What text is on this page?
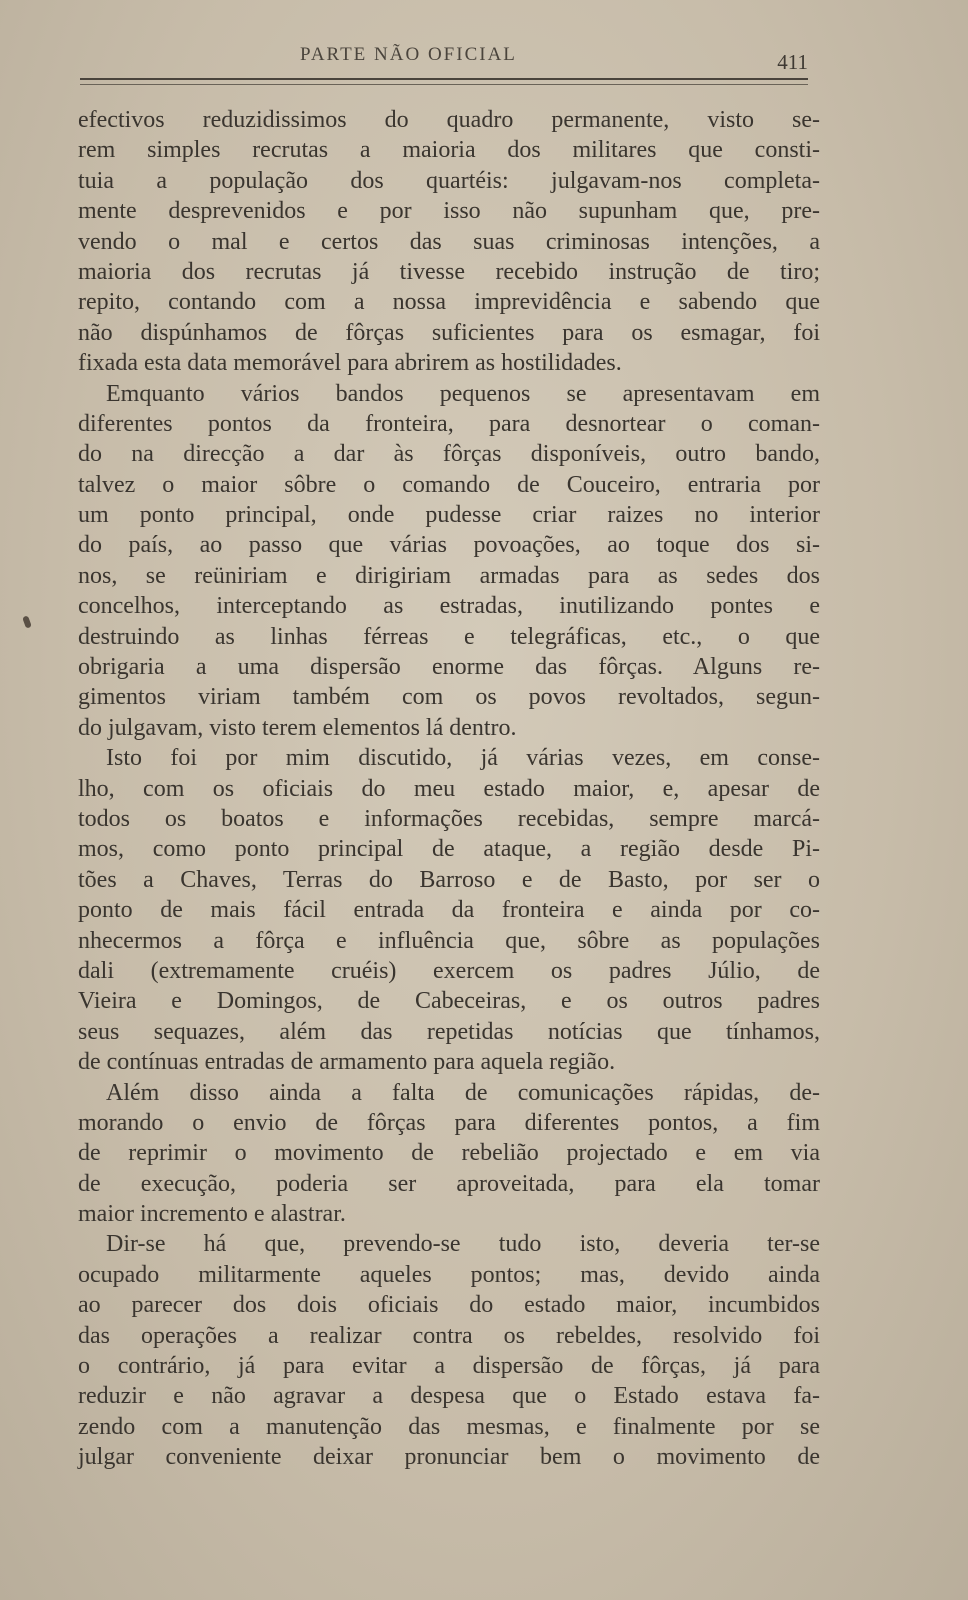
PARTE NÃO OFICIAL	411
efectivos reduzidissimos do quadro permanente, visto se-
rem simples recrutas a maioria dos militares que consti-
tuia a população dos quartéis: julgavam-nos completa-
mente desprevenidos e por isso não supunham que, pre-
vendo o mal e certos das suas criminosas intenções, a
maioria dos recrutas já tivesse recebido instrução de tiro;
repito, contando com a nossa imprevidência e sabendo que
não dispúnhamos de fôrças suficientes para os esmagar, foi
fixada esta data memorável para abrirem as hostilidades.
Emquanto vários bandos pequenos se apresentavam em
diferentes pontos da fronteira, para desnortear o coman-
do na direcção a dar às fôrças disponíveis, outro bando,
talvez o maior sôbre o comando de Couceiro, entraria por
um ponto principal, onde pudesse criar raizes no interior
do país, ao passo que várias povoações, ao toque dos si-
nos, se reüniriam e dirigiriam armadas para as sedes dos
concelhos, interceptando as estradas, inutilizando pontes e
destruindo as linhas férreas e telegráficas, etc., o que
obrigaria a uma dispersão enorme das fôrças. Alguns re-
gimentos viriam também com os povos revoltados, segun-
do julgavam, visto terem elementos lá dentro.
Isto foi por mim discutido, já várias vezes, em conse-
lho, com os oficiais do meu estado maior, e, apesar de
todos os boatos e informações recebidas, sempre marcá-
mos, como ponto principal de ataque, a região desde Pi-
tões a Chaves, Terras do Barroso e de Basto, por ser o
ponto de mais fácil entrada da fronteira e ainda por co-
nhecermos a fôrça e influência que, sôbre as populações
dali (extremamente cruéis) exercem os padres Júlio, de
Vieira e Domingos, de Cabeceiras, e os outros padres
seus sequazes, além das repetidas notícias que tínhamos,
de contínuas entradas de armamento para aquela região.
Além disso ainda a falta de comunicações rápidas, de-
morando o envio de fôrças para diferentes pontos, a fim
de reprimir o movimento de rebelião projectado e em via
de execução, poderia ser aproveitada, para ela tomar
maior incremento e alastrar.
Dir-se há que, prevendo-se tudo isto, deveria ter-se
ocupado militarmente aqueles pontos; mas, devido ainda
ao parecer dos dois oficiais do estado maior, incumbidos
das operações a realizar contra os rebeldes, resolvido foi
o contrário, já para evitar a dispersão de fôrças, já para
reduzir e não agravar a despesa que o Estado estava fa-
zendo com a manutenção das mesmas, e finalmente por se
julgar conveniente deixar pronunciar bem o movimento de
